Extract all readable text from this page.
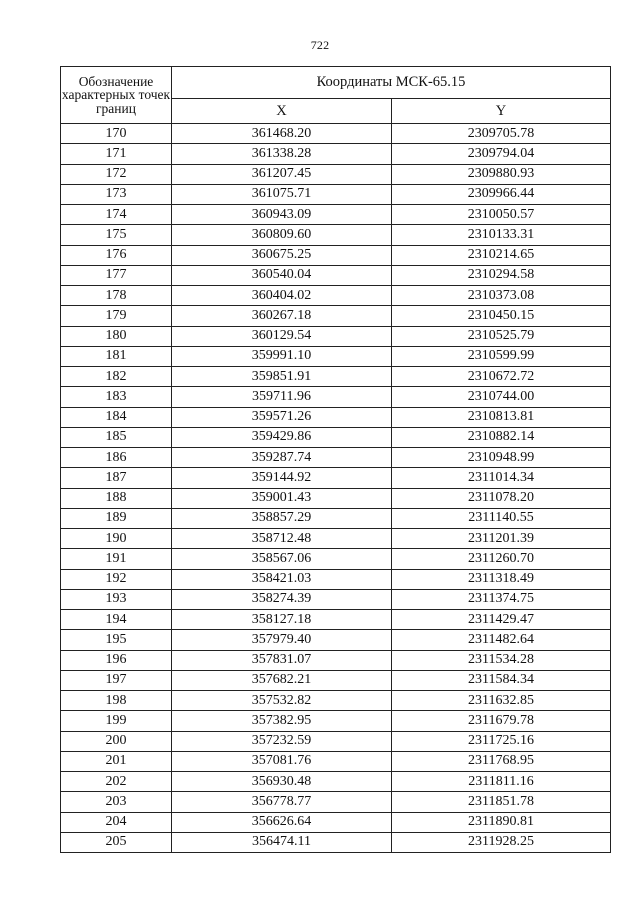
722
Обозначение характерных точек границ	Координаты МСК-65.15	
	X	Y
170	361468.20	2309705.78
171	361338.28	2309794.04
172	361207.45	2309880.93
173	361075.71	2309966.44
174	360943.09	2310050.57
175	360809.60	2310133.31
176	360675.25	2310214.65
177	360540.04	2310294.58
178	360404.02	2310373.08
179	360267.18	2310450.15
180	360129.54	2310525.79
181	359991.10	2310599.99
182	359851.91	2310672.72
183	359711.96	2310744.00
184	359571.26	2310813.81
185	359429.86	2310882.14
186	359287.74	2310948.99
187	359144.92	2311014.34
188	359001.43	2311078.20
189	358857.29	2311140.55
190	358712.48	2311201.39
191	358567.06	2311260.70
192	358421.03	2311318.49
193	358274.39	2311374.75
194	358127.18	2311429.47
195	357979.40	2311482.64
196	357831.07	2311534.28
197	357682.21	2311584.34
198	357532.82	2311632.85
199	357382.95	2311679.78
200	357232.59	2311725.16
201	357081.76	2311768.95
202	356930.48	2311811.16
203	356778.77	2311851.78
204	356626.64	2311890.81
205	356474.11	2311928.25
